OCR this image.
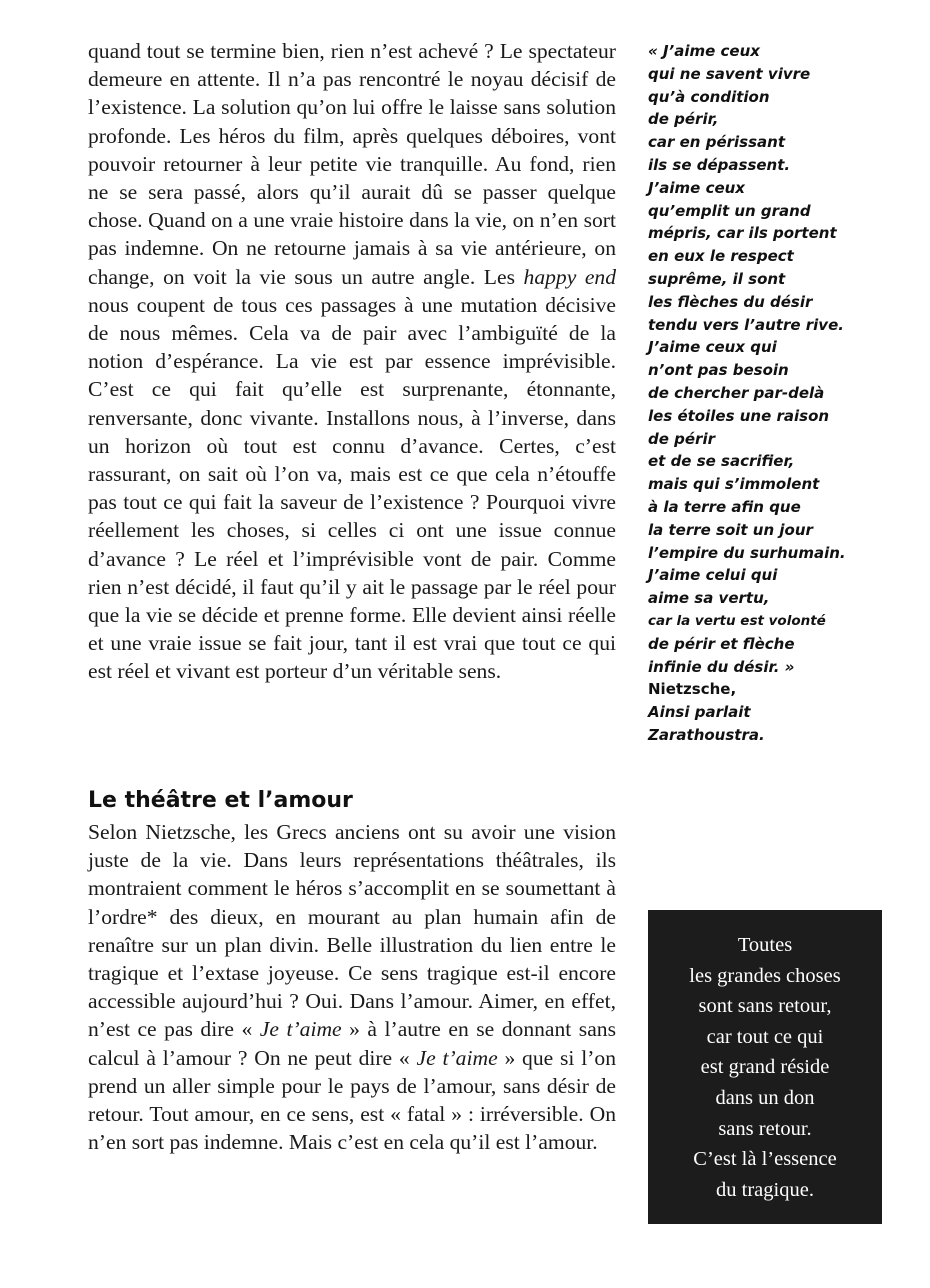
quand tout se termine bien, rien n’est achevé ? Le spectateur demeure en attente. Il n’a pas rencontré le noyau décisif de l’existence. La solution qu’on lui offre le laisse sans solution profonde. Les héros du film, après quelques déboires, vont pouvoir retourner à leur petite vie tranquille. Au fond, rien ne se sera passé, alors qu’il aurait dû se passer quelque chose. Quand on a une vraie histoire dans la vie, on n’en sort pas indemne. On ne retourne jamais à sa vie antérieure, on change, on voit la vie sous un autre angle. Les happy end nous coupent de tous ces passages à une mutation décisive de nous mêmes. Cela va de pair avec l’ambiguïté de la notion d’espérance. La vie est par essence imprévisible. C’est ce qui fait qu’elle est surprenante, étonnante, renversante, donc vivante. Installons nous, à l’inverse, dans un horizon où tout est connu d’avance. Certes, c’est rassurant, on sait où l’on va, mais est ce que cela n’étouffe pas tout ce qui fait la saveur de l’existence ? Pourquoi vivre réellement les choses, si celles ci ont une issue connue d’avance ? Le réel et l’imprévisible vont de pair. Comme rien n’est décidé, il faut qu’il y ait le passage par le réel pour que la vie se décide et prenne forme. Elle devient ainsi réelle et une vraie issue se fait jour, tant il est vrai que tout ce qui est réel et vivant est porteur d’un véritable sens.

Le théâtre et l’amour

Selon Nietzsche, les Grecs anciens ont su avoir une vision juste de la vie. Dans leurs représentations théâtrales, ils montraient comment le héros s’accomplit en se soumettant à l’ordre* des dieux, en mourant au plan humain afin de renaître sur un plan divin. Belle illustration du lien entre le tragique et l’extase joyeuse. Ce sens tragique est-il encore accessible aujourd’hui ? Oui. Dans l’amour. Aimer, en effet, n’est ce pas dire « Je t’aime » à l’autre en se donnant sans calcul à l’amour ? On ne peut dire « Je t’aime » que si l’on prend un aller simple pour le pays de l’amour, sans désir de retour. Tout amour, en ce sens, est « fatal » : irréversible. On n’en sort pas indemne. Mais c’est en cela qu’il est l’amour.

« J’aime ceux
qui ne savent vivre
qu’à condition
de périr,
car en périssant
ils se dépassent.
J’aime ceux
qu’emplit un grand
mépris, car ils portent
en eux le respect
suprême, il sont
les flèches du désir
tendu vers l’autre rive.
J’aime ceux qui
n’ont pas besoin
de chercher par-delà
les étoiles une raison
de périr
et de se sacrifier,
mais qui s’immolent
à la terre afin que
la terre soit un jour
l’empire du surhumain.
J’aime celui qui
aime sa vertu,
car la vertu est volonté
de périr et flèche
infinie du désir. »
Nietzsche,
Ainsi parlait
Zarathoustra.
Toutes
les grandes choses
sont sans retour,
car tout ce qui
est grand réside
dans un don
sans retour.
C’est là l’essence
du tragique.
